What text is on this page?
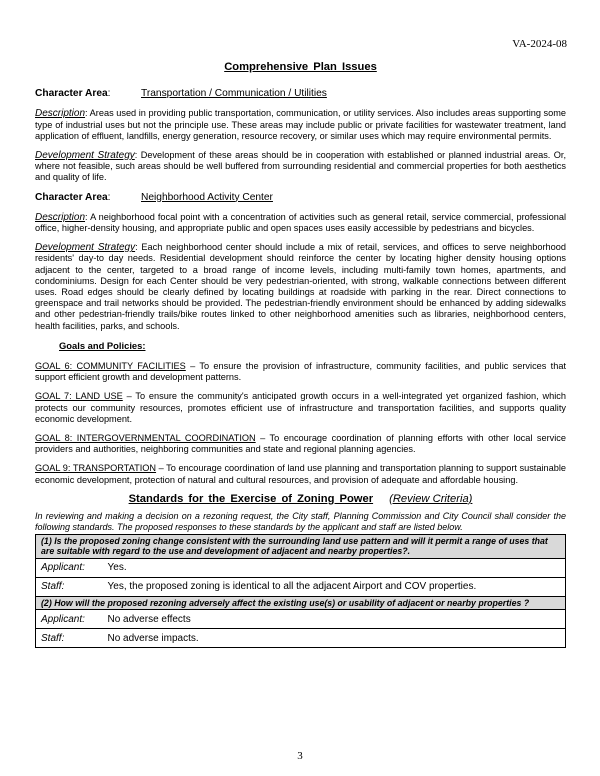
VA-2024-08
Comprehensive Plan Issues
Character Area:	Transportation / Communication / Utilities

Description: Areas used in providing public transportation, communication, or utility services. Also includes areas supporting some type of industrial uses but not the principle use. These areas may include public or private facilities for wastewater treatment, land application of effluent, landfills, energy generation, resource recovery, or similar uses which may require environmental permits.

Development Strategy: Development of these areas should be in cooperation with established or planned industrial areas. Or, where not feasible, such areas should be well buffered from surrounding residential and commercial properties for both aesthetics and quality of life.

Character Area:	Neighborhood Activity Center

Description: A neighborhood focal point with a concentration of activities such as general retail, service commercial, professional office, higher-density housing, and appropriate public and open spaces uses easily accessible by pedestrians and bicycles.

Development Strategy: Each neighborhood center should include a mix of retail, services, and offices to serve neighborhood residents' day-to day needs. Residential development should reinforce the center by locating higher density housing options adjacent to the center, targeted to a broad range of income levels, including multi-family town homes, apartments, and condominiums. Design for each Center should be very pedestrian-oriented, with strong, walkable connections between different uses. Road edges should be clearly defined by locating buildings at roadside with parking in the rear. Direct connections to greenspace and trail networks should be provided. The pedestrian-friendly environment should be enhanced by adding sidewalks and other pedestrian-friendly trails/bike routes linked to other neighborhood amenities such as libraries, neighborhood centers, health facilities, parks, and schools.

Goals and Policies:

GOAL 6: COMMUNITY FACILITIES – To ensure the provision of infrastructure, community facilities, and public services that support efficient growth and development patterns.

GOAL 7: LAND USE – To ensure the community's anticipated growth occurs in a well-integrated yet organized fashion, which protects our community resources, promotes efficient use of infrastructure and transportation facilities, and supports quality economic development.

GOAL 8: INTERGOVERNMENTAL COORDINATION – To encourage coordination of planning efforts with other local service providers and authorities, neighboring communities and state and regional planning agencies.

GOAL 9: TRANSPORTATION – To encourage coordination of land use planning and transportation planning to support sustainable economic development, protection of natural and cultural resources, and provision of adequate and affordable housing.

Standards for the Exercise of Zoning Power (Review Criteria)

In reviewing and making a decision on a rezoning request, the City staff, Planning Commission and City Council shall consider the following standards. The proposed responses to these standards by the applicant and staff are listed below.

(1) Is the proposed zoning change consistent with the surrounding land use pattern and will it permit a range of uses that are suitable with regard to the use and development of adjacent and nearby properties?.	
Applicant:	Yes.
Staff:	Yes, the proposed zoning is identical to all the adjacent Airport and COV properties.
(2) How will the proposed rezoning adversely affect the existing use(s) or usability of adjacent or nearby properties ?	
Applicant:	No adverse effects
Staff:	No adverse impacts.
3
